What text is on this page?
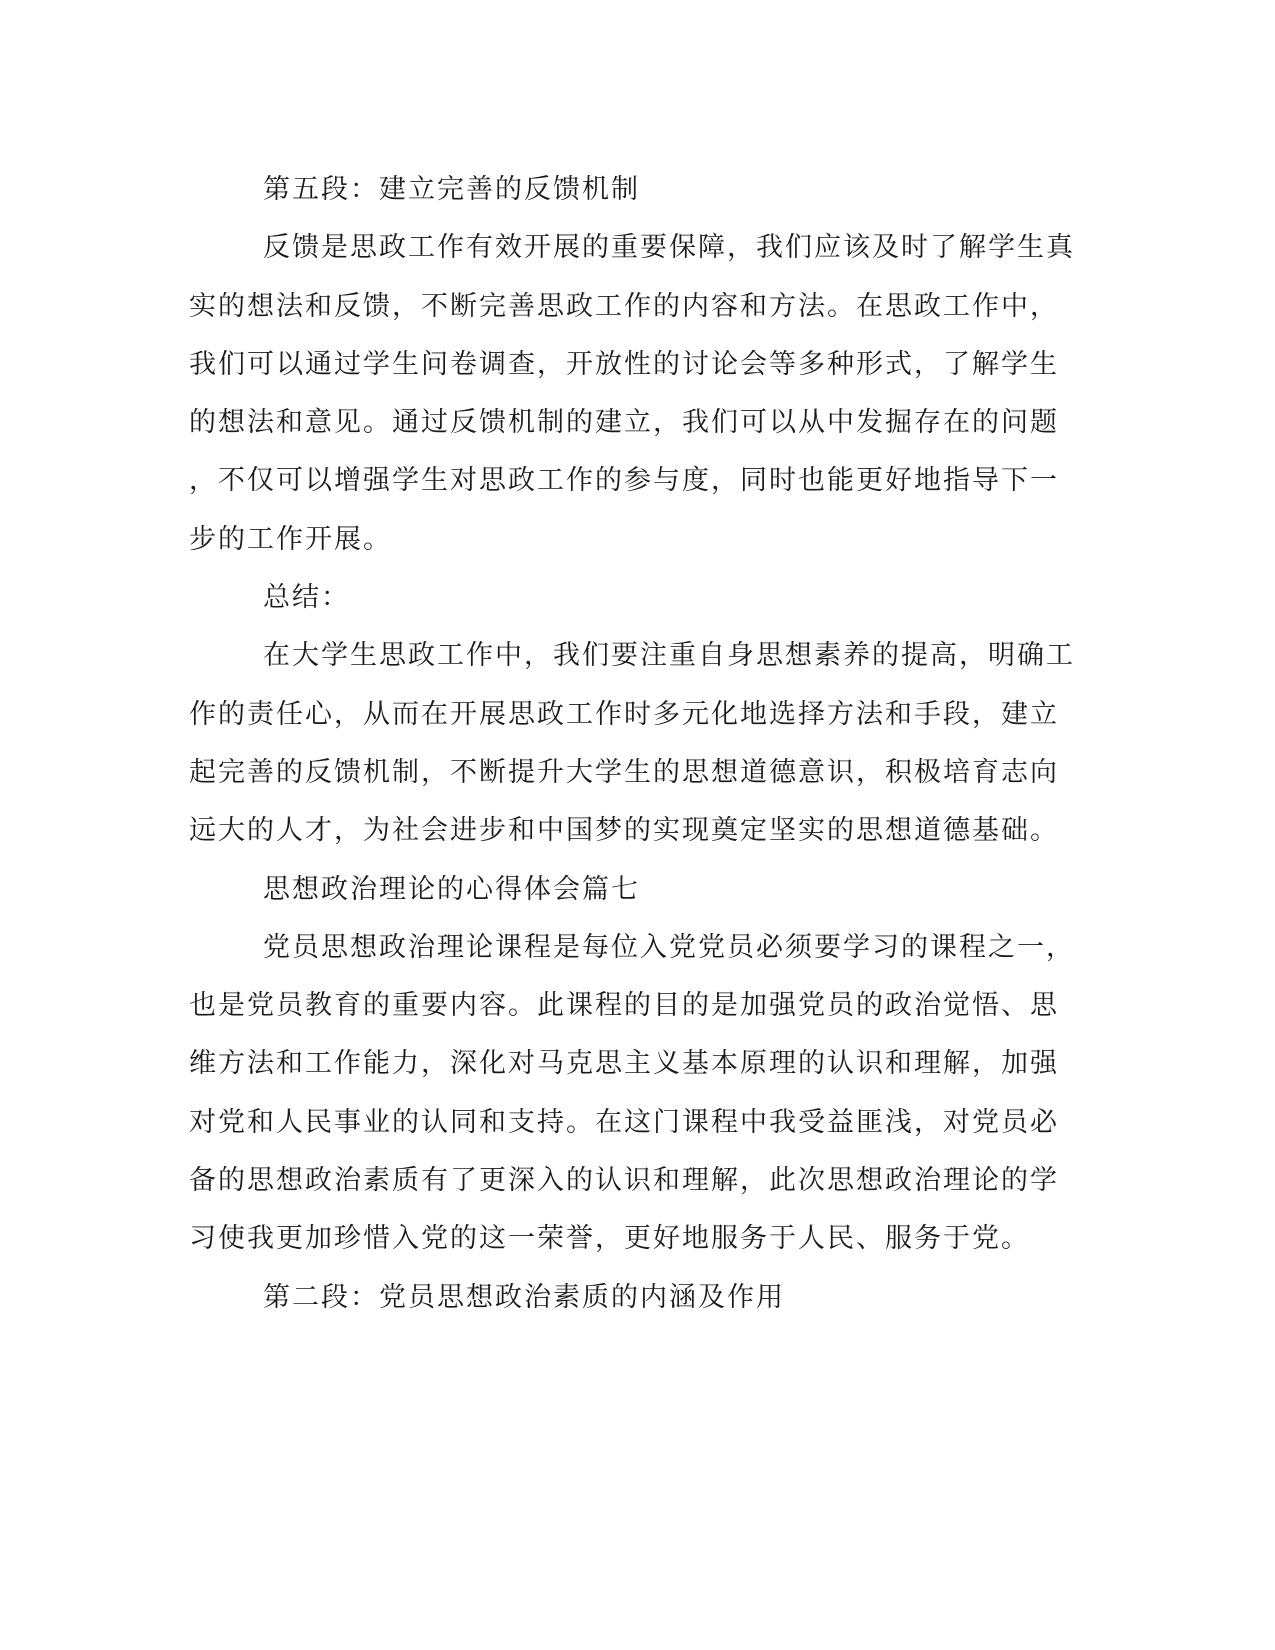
第五段：建立完善的反馈机制
反馈是思政工作有效开展的重要保障，我们应该及时了解学生真
实的想法和反馈，不断完善思政工作的内容和方法。在思政工作中，
我们可以通过学生问卷调查，开放性的讨论会等多种形式，了解学生
的想法和意见。通过反馈机制的建立，我们可以从中发掘存在的问题
，不仅可以增强学生对思政工作的参与度，同时也能更好地指导下一
步的工作开展。
总结：
在大学生思政工作中，我们要注重自身思想素养的提高，明确工
作的责任心，从而在开展思政工作时多元化地选择方法和手段，建立
起完善的反馈机制，不断提升大学生的思想道德意识，积极培育志向
远大的人才，为社会进步和中国梦的实现奠定坚实的思想道德基础。
思想政治理论的心得体会篇七
党员思想政治理论课程是每位入党党员必须要学习的课程之一，
也是党员教育的重要内容。此课程的目的是加强党员的政治觉悟、思
维方法和工作能力，深化对马克思主义基本原理的认识和理解，加强
对党和人民事业的认同和支持。在这门课程中我受益匪浅，对党员必
备的思想政治素质有了更深入的认识和理解，此次思想政治理论的学
习使我更加珍惜入党的这一荣誉，更好地服务于人民、服务于党。
第二段：党员思想政治素质的内涵及作用
